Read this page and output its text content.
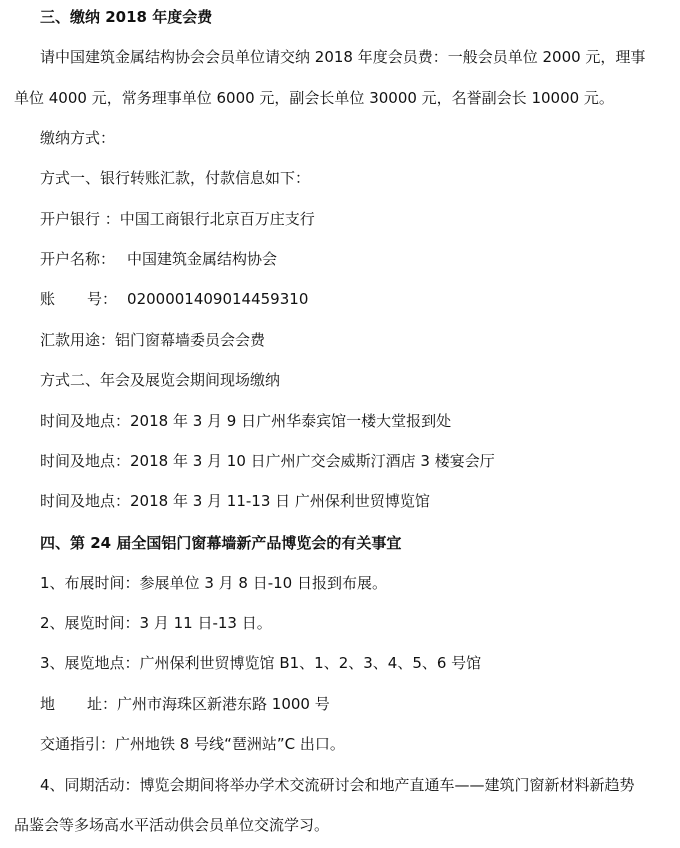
三、缴纳 2018 年度会费
请中国建筑金属结构协会会员单位请交纳 2018 年度会员费：一般会员单位 2000 元，理事
单位 4000 元，常务理事单位 6000 元，副会长单位 30000 元，名誉副会长 10000 元。
缴纳方式：
方式一、银行转账汇款，付款信息如下：
开户银行 ：中国工商银行北京百万庄支行
开户名称： 中国建筑金属结构协会
账 号： 0200001409014459310
汇款用途：铝门窗幕墙委员会会费
方式二、年会及展览会期间现场缴纳
时间及地点：2018 年 3 月 9 日广州华泰宾馆一楼大堂报到处
时间及地点：2018 年 3 月 10 日广州广交会威斯汀酒店 3 楼宴会厅
时间及地点：2018 年 3 月 11-13 日 广州保利世贸博览馆
四、第 24 届全国铝门窗幕墙新产品博览会的有关事宜
1、布展时间：参展单位 3 月 8 日-10 日报到布展。
2、展览时间：3 月 11 日-13 日。
3、展览地点：广州保利世贸博览馆 B1、1、2、3、4、5、6 号馆
地 址：广州市海珠区新港东路 1000 号
交通指引：广州地铁 8 号线“琶洲站”C 出口。
4、同期活动：博览会期间将举办学术交流研讨会和地产直通车——建筑门窗新材料新趋势
品鉴会等多场高水平活动供会员单位交流学习。
